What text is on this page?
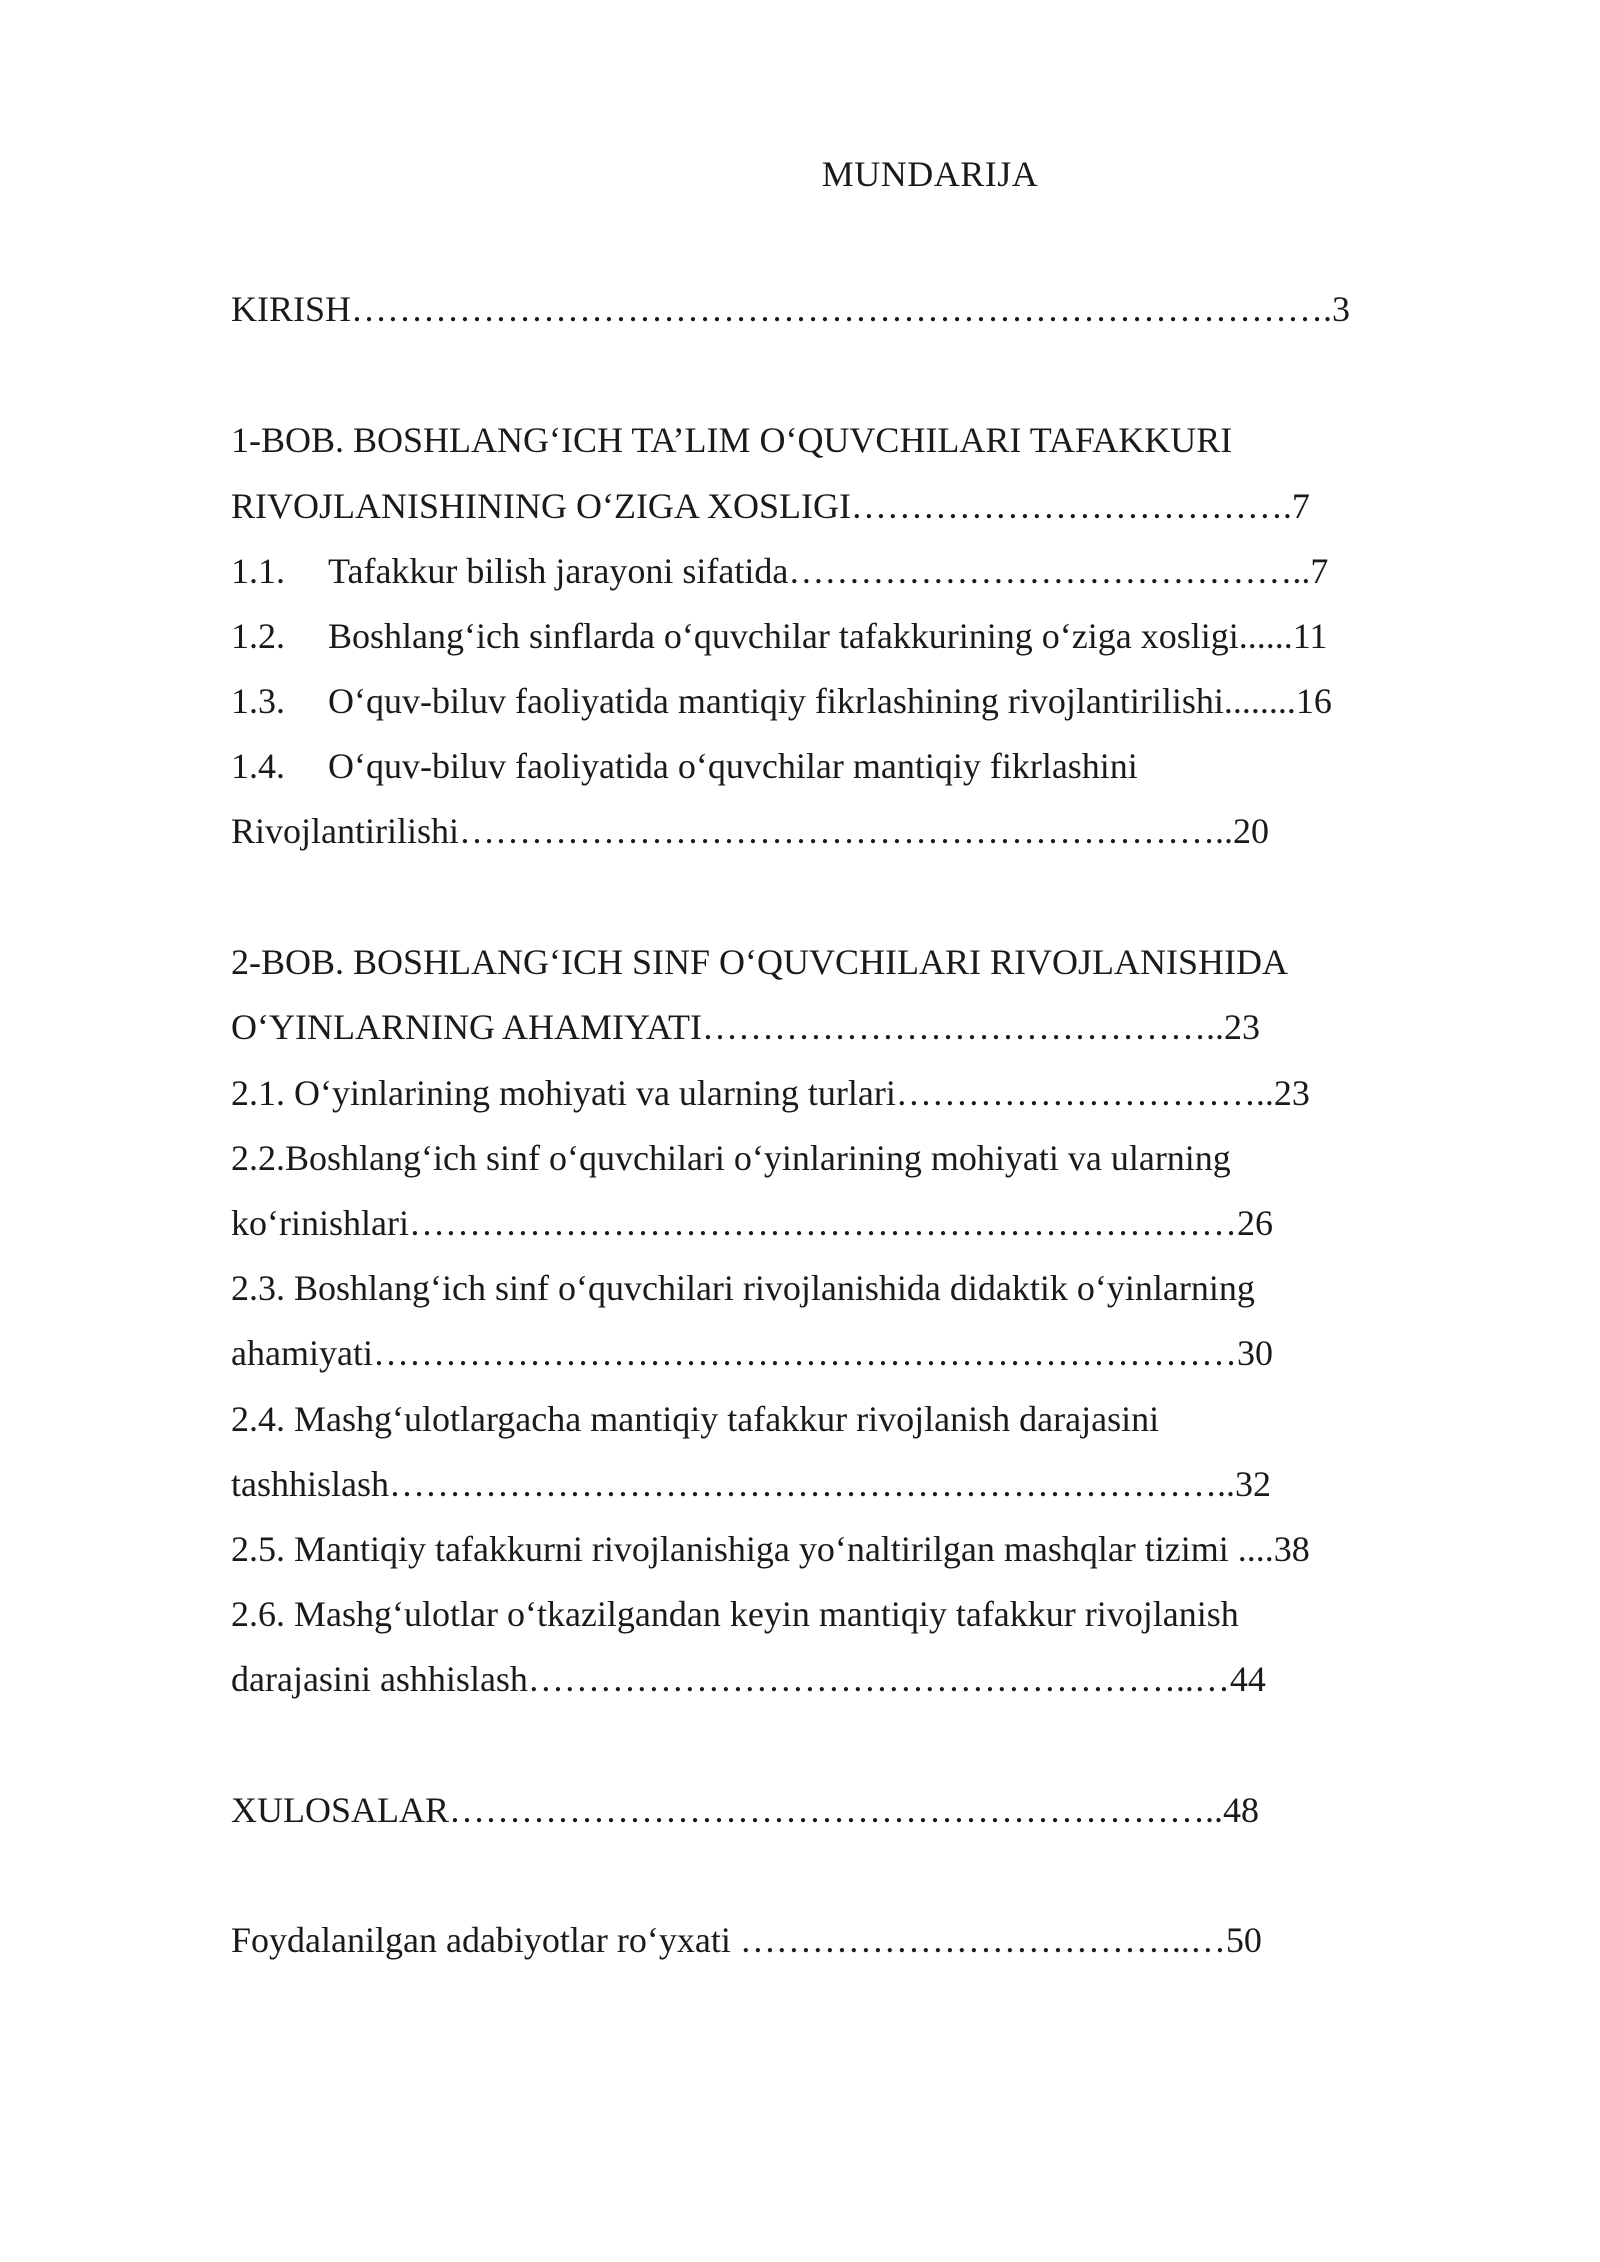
MUNDARIJA
KIRISH……………………………………………………………………….3
1-BOB. BOSHLANG‘ICH TA’LIM O‘QUVCHILARI TAFAKKURI
RIVOJLANISHINING O‘ZIGA XOSLIGI……………………………….7
1.1. Tafakkur bilish jarayoni sifatida……………………………………..7
1.2. Boshlang‘ich sinflarda o‘quvchilar tafakkurining o‘ziga xosligi......11
1.3. O‘quv-biluv faoliyatida mantiqiy fikrlashining rivojlantirilishi........16
1.4. O‘quv-biluv faoliyatida o‘quvchilar mantiqiy fikrlashini
Rivojlantirilishi………………………………………………………..20
2-BOB. BOSHLANG‘ICH SINF O‘QUVCHILARI RIVOJLANISHIDA
O‘YINLARNING AHAMIYATI……………………………………..23
2.1. O‘yinlarining mohiyati va ularning turlari…………………………..23
2.2.Boshlang‘ich sinf o‘quvchilari o‘yinlarining mohiyati va ularning
ko‘rinishlari……………………………………………………………26
2.3. Boshlang‘ich sinf o‘quvchilari rivojlanishida didaktik o‘yinlarning
ahamiyati………………………………………………………………30
2.4. Mashg‘ulotlargacha mantiqiy tafakkur rivojlanish darajasini
tashhislash……………………………………………………………..32
2.5. Mantiqiy tafakkurni rivojlanishiga yo‘naltirilgan mashqlar tizimi ....38
2.6. Mashg‘ulotlar o‘tkazilgandan keyin mantiqiy tafakkur rivojlanish
darajasini ashhislash………………………………………………..…44
XULOSALAR………………………………………………………..48
Foydalanilgan adabiyotlar ro‘yxati ………………………………..…50
